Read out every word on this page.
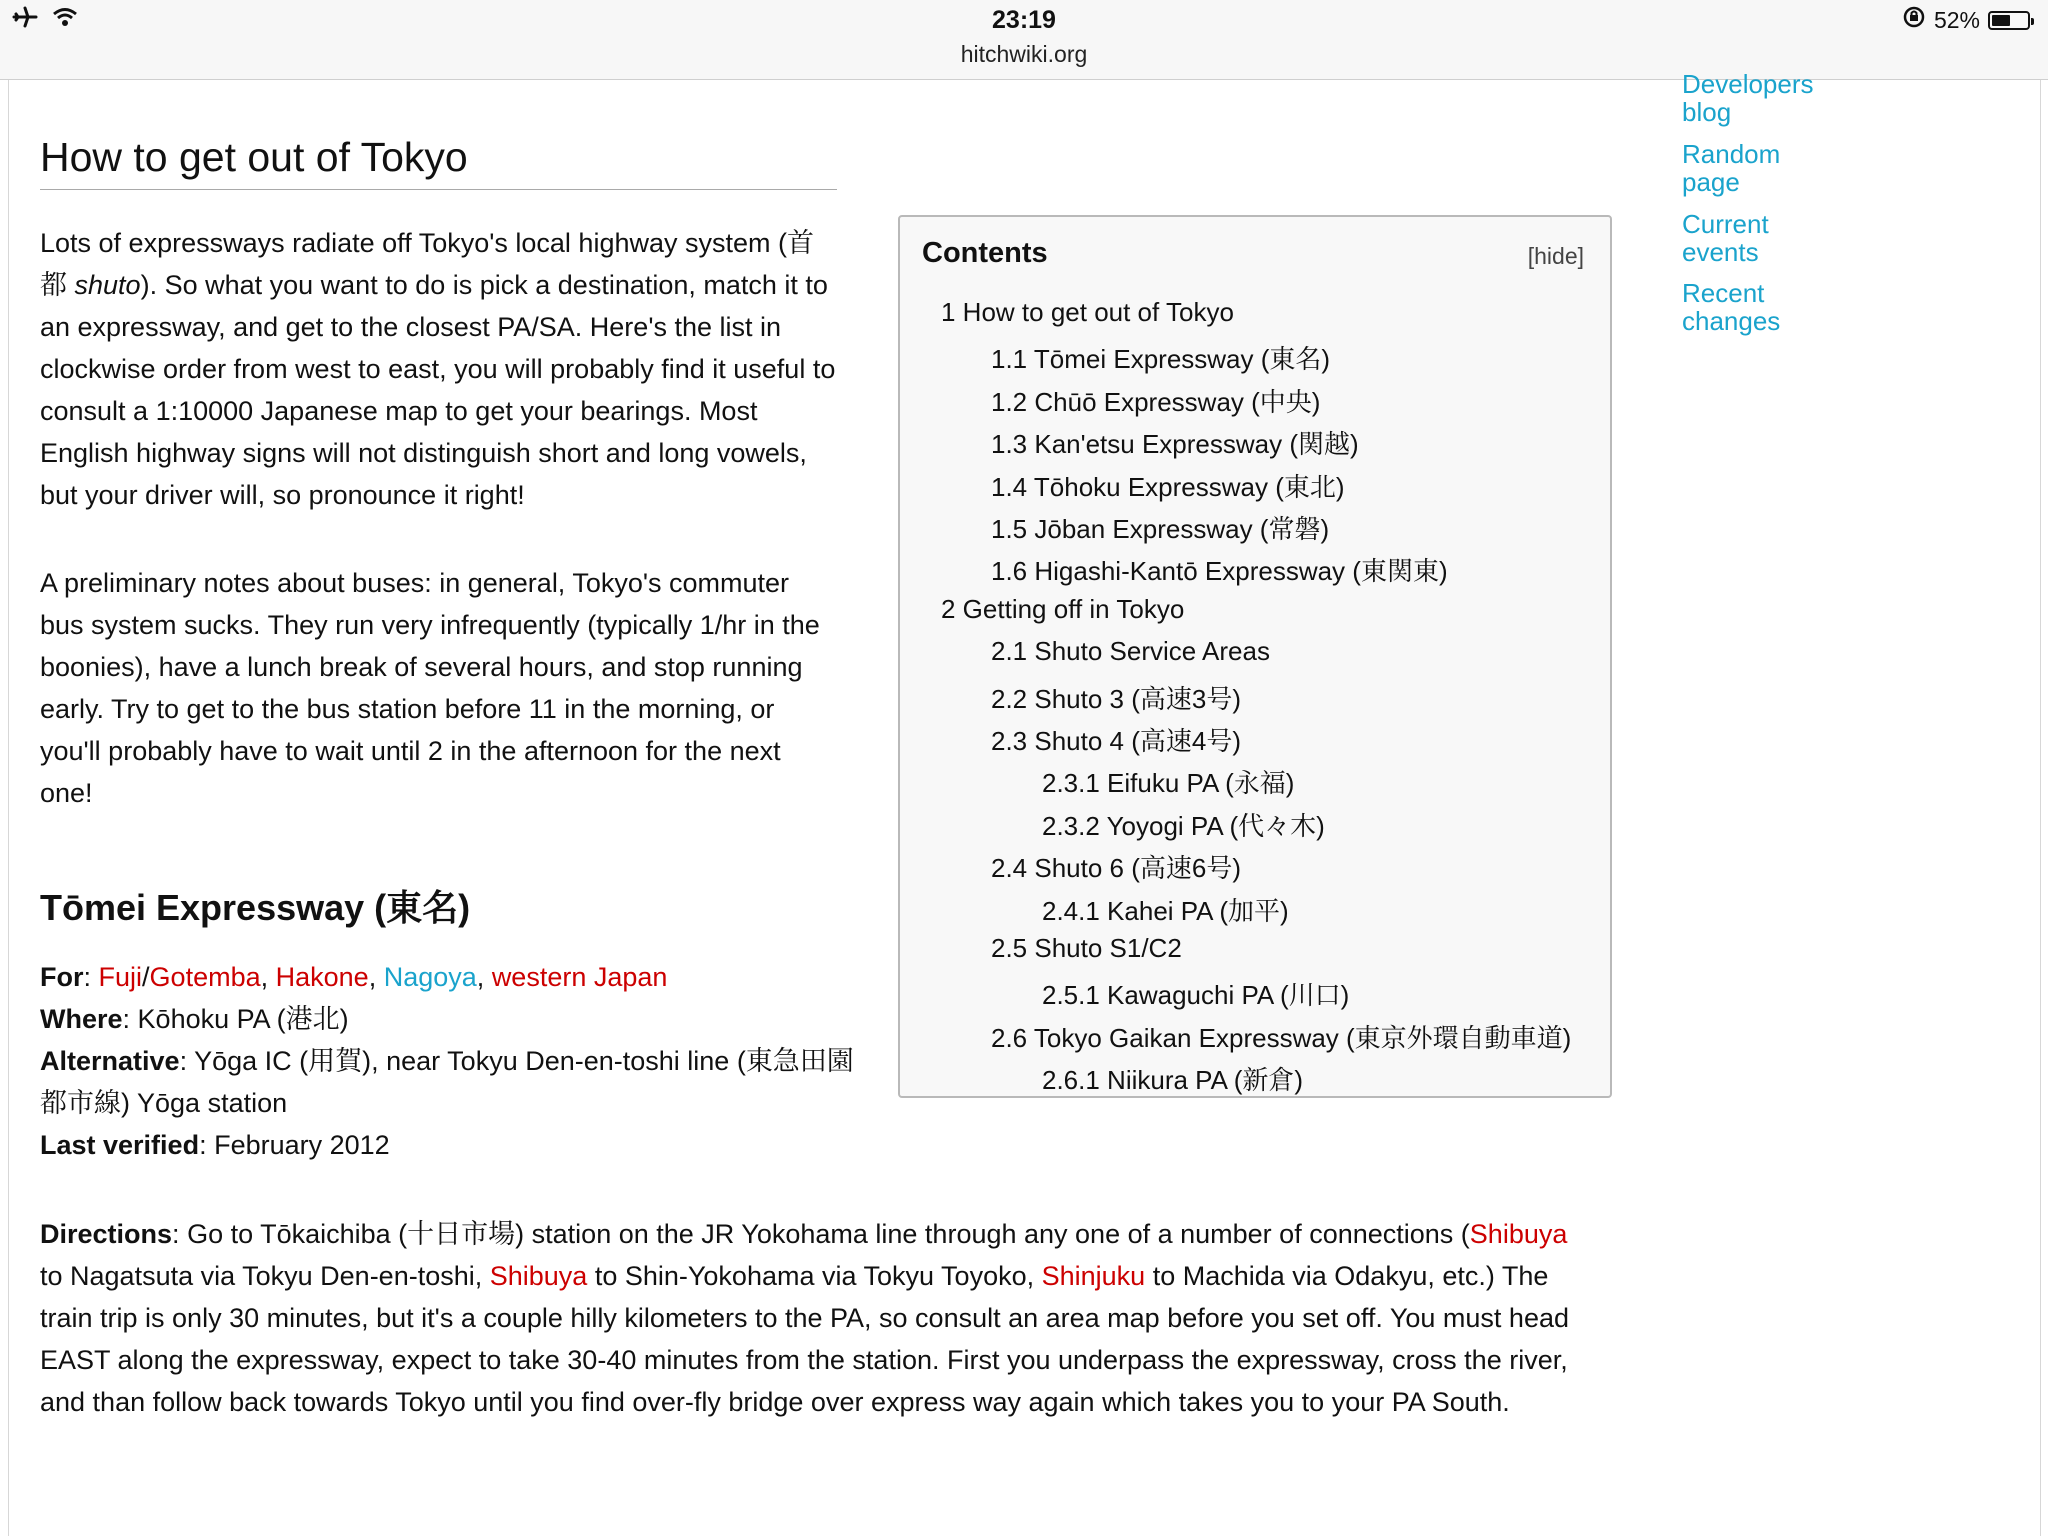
23:19
hitchwiki.org
52%
Developers
blog
Random
page
Current
events
Recent
changes
How to get out of Tokyo

Lots of expressways radiate off Tokyo's local highway system (首都 shuto). So what you want to do is pick a destination, match it to an expressway, and get to the closest PA/SA. Here's the list in clockwise order from west to east, you will probably find it useful to consult a 1:10000 Japanese map to get your bearings. Most English highway signs will not distinguish short and long vowels, but your driver will, so pronounce it right!

A preliminary notes about buses: in general, Tokyo's commuter bus system sucks. They run very infrequently (typically 1/hr in the boonies), have a lunch break of several hours, and stop running early. Try to get to the bus station before 11 in the morning, or you'll probably have to wait until 2 in the afternoon for the next one!

Tōmei Expressway (東名)

For: Fuji/Gotemba, Hakone, Nagoya, western Japan

Where: Kōhoku PA (港北)

Alternative: Yōga IC (用賀), near Tokyu Den-en-toshi line (東急田園都市線) Yōga station

Last verified: February 2012

Directions: Go to Tōkaichiba (十日市場) station on the JR Yokohama line through any one of a number of connections (Shibuya to Nagatsuta via Tokyu Den-en-toshi, Shibuya to Shin-Yokohama via Tokyu Toyoko, Shinjuku to Machida via Odakyu, etc.) The train trip is only 30 minutes, but it's a couple hilly kilometers to the PA, so consult an area map before you set off. You must head EAST along the expressway, expect to take 30-40 minutes from the station. First you underpass the expressway, cross the river, and than follow back towards Tokyo until you find over-fly bridge over express way again which takes you to your PA South.

Contents	[hide]
1 How to get out of Tokyo
1.1 Tōmei Expressway (東名)
1.2 Chūō Expressway (中央)
1.3 Kan'etsu Expressway (関越)
1.4 Tōhoku Expressway (東北)
1.5 Jōban Expressway (常磐)
1.6 Higashi-Kantō Expressway (東関東)
2 Getting off in Tokyo
2.1 Shuto Service Areas
2.2 Shuto 3 (高速3号)
2.3 Shuto 4 (高速4号)
2.3.1 Eifuku PA (永福)
2.3.2 Yoyogi PA (代々木)
2.4 Shuto 6 (高速6号)
2.4.1 Kahei PA (加平)
2.5 Shuto S1/C2
2.5.1 Kawaguchi PA (川口)
2.6 Tokyo Gaikan Expressway (東京外環自動車道)
2.6.1 Niikura PA (新倉)
